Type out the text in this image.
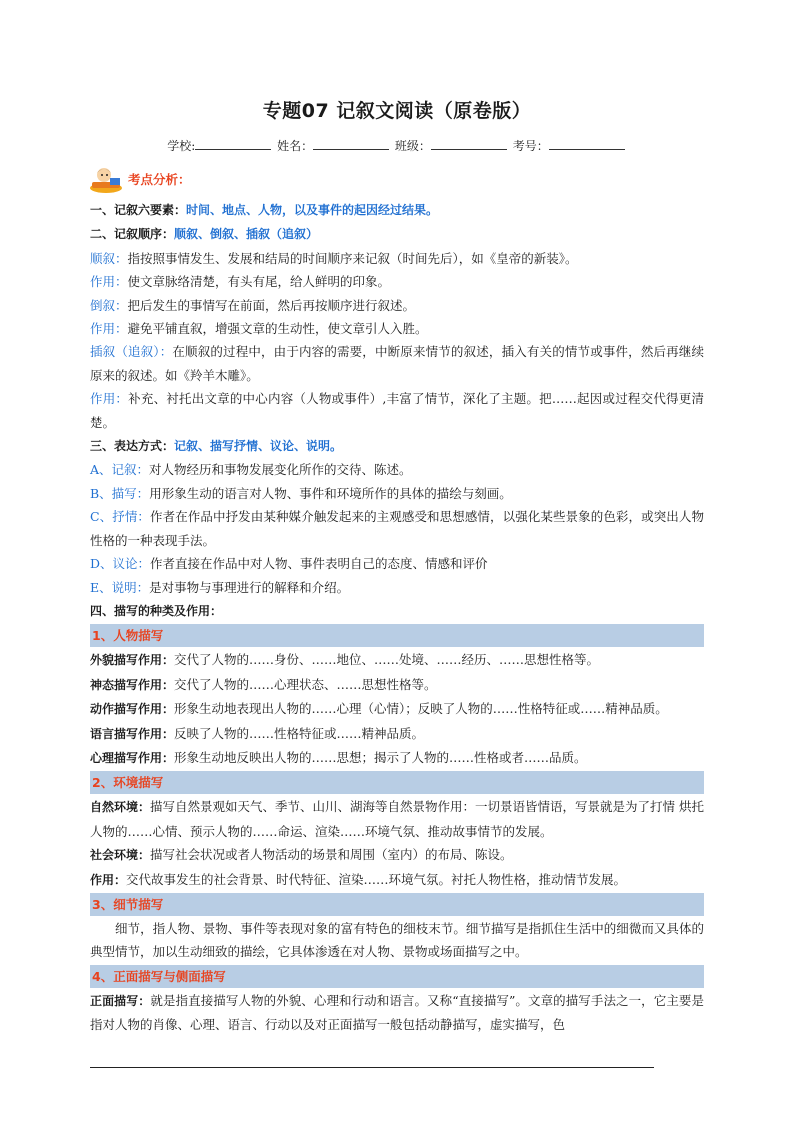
专题07 记叙文阅读（原卷版）
学校:	姓名：	班级：	考号：
考点分析：

一、记叙六要素：时间、地点、人物，以及事件的起因经过结果。

二、记叙顺序：顺叙、倒叙、插叙（追叙）

顺叙：指按照事情发生、发展和结局的时间顺序来记叙（时间先后），如《皇帝的新装》。

作用：使文章脉络清楚，有头有尾，给人鲜明的印象。

倒叙：把后发生的事情写在前面，然后再按顺序进行叙述。

作用：避免平铺直叙，增强文章的生动性，使文章引人入胜。

插叙（追叙）：在顺叙的过程中，由于内容的需要，中断原来情节的叙述，插入有关的情节或事件，然后再继续原来的叙述。如《羚羊木雕》。

作用：补充、衬托出文章的中心内容（人物或事件）,丰富了情节，深化了主题。把……起因或过程交代得更清楚。

三、表达方式：记叙、描写抒情、议论、说明。

A、记叙：对人物经历和事物发展变化所作的交待、陈述。

B、描写：用形象生动的语言对人物、事件和环境所作的具体的描绘与刻画。

C、抒情：作者在作品中抒发由某种媒介触发起来的主观感受和思想感情，以强化某些景象的色彩，或突出人物性格的一种表现手法。

D、议论：作者直接在作品中对人物、事件表明自己的态度、情感和评价

E、说明：是对事物与事理进行的解释和介绍。

四、描写的种类及作用：

1、人物描写

外貌描写作用：交代了人物的……身份、……地位、……处境、……经历、……思想性格等。

神态描写作用：交代了人物的……心理状态、……思想性格等。

动作描写作用：形象生动地表现出人物的……心理（心情）；反映了人物的……性格特征或……精神品质。

语言描写作用：反映了人物的……性格特征或……精神品质。

心理描写作用：形象生动地反映出人物的……思想；揭示了人物的……性格或者……品质。

2、环境描写

自然环境：描写自然景观如天气、季节、山川、湖海等自然景物作用：一切景语皆情语，写景就是为了打情 烘托人物的……心情、预示人物的……命运、渲染……环境气氛、推动故事情节的发展。

社会环境：描写社会状况或者人物活动的场景和周围（室内）的布局、陈设。

作用：交代故事发生的社会背景、时代特征、渲染……环境气氛。衬托人物性格，推动情节发展。

3、细节描写

细节，指人物、景物、事件等表现对象的富有特色的细枝末节。细节描写是指抓住生活中的细微而又具体的典型情节，加以生动细致的描绘，它具体渗透在对人物、景物或场面描写之中。

4、正面描写与侧面描写

正面描写：就是指直接描写人物的外貌、心理和行动和语言。又称“直接描写”。文章的描写手法之一，它主要是指对人物的肖像、心理、语言、行动以及对正面描写一般包括动静描写，虚实描写，色
